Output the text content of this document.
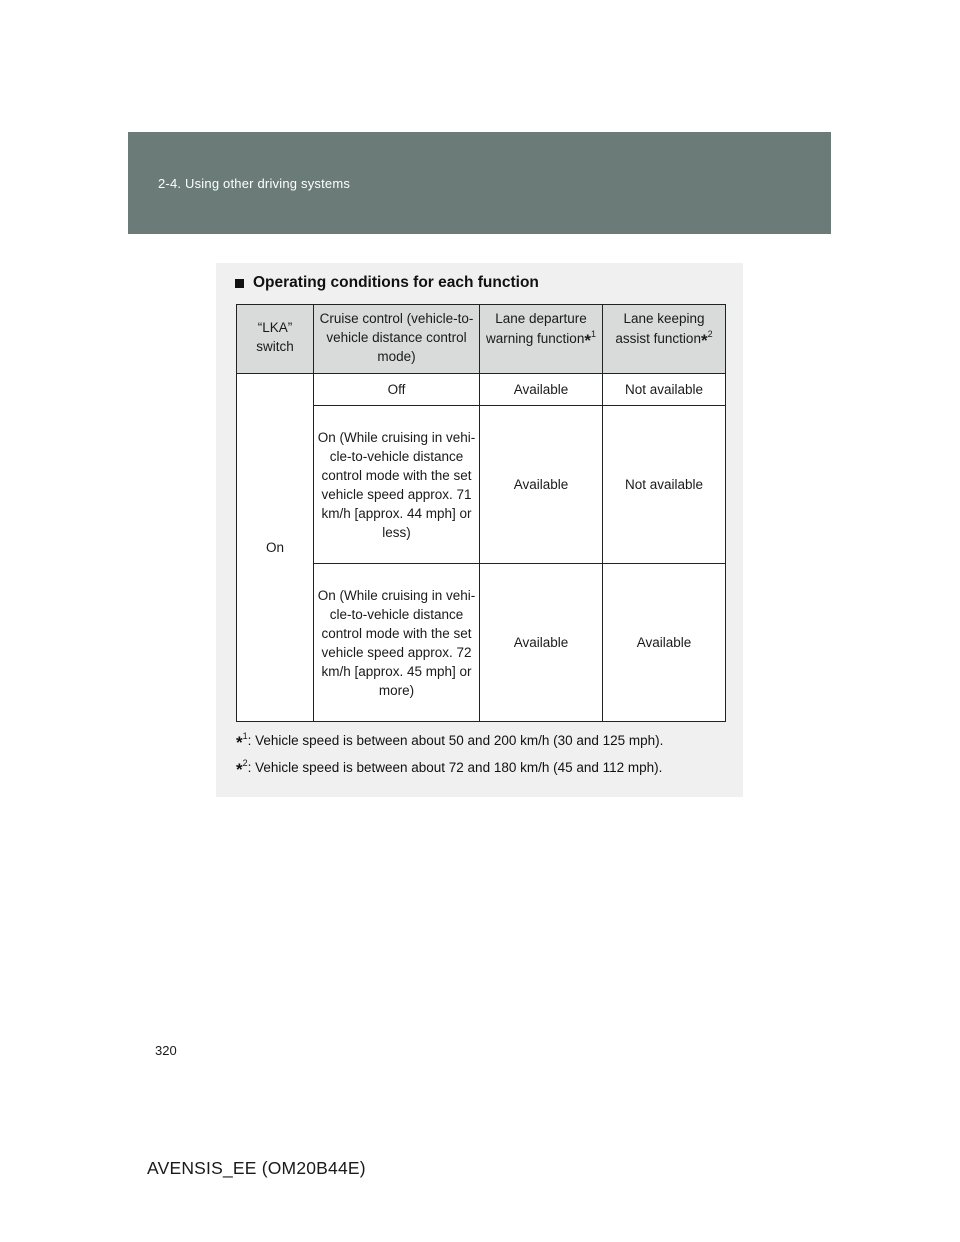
2-4. Using other driving systems
Operating conditions for each function
“LKA” switch	Cruise control (vehicle-to-vehicle distance control mode)	Lane departure warning function*$^1$	Lane keeping assist function*$^2$
On	Off	Available	Not available
	On (While cruising in vehi-cle-to-vehicle distance control mode with the set vehicle speed approx. 71 km/h [approx. 44 mph] or less)	Available	Not available
	On (While cruising in vehi-cle-to-vehicle distance control mode with the set vehicle speed approx. 72 km/h [approx. 45 mph] or more)	Available	Available
*$^1$: Vehicle speed is between about 50 and 200 km/h (30 and 125 mph).
*$^2$: Vehicle speed is between about 72 and 180 km/h (45 and 112 mph).
320
AVENSIS_EE (OM20B44E)
